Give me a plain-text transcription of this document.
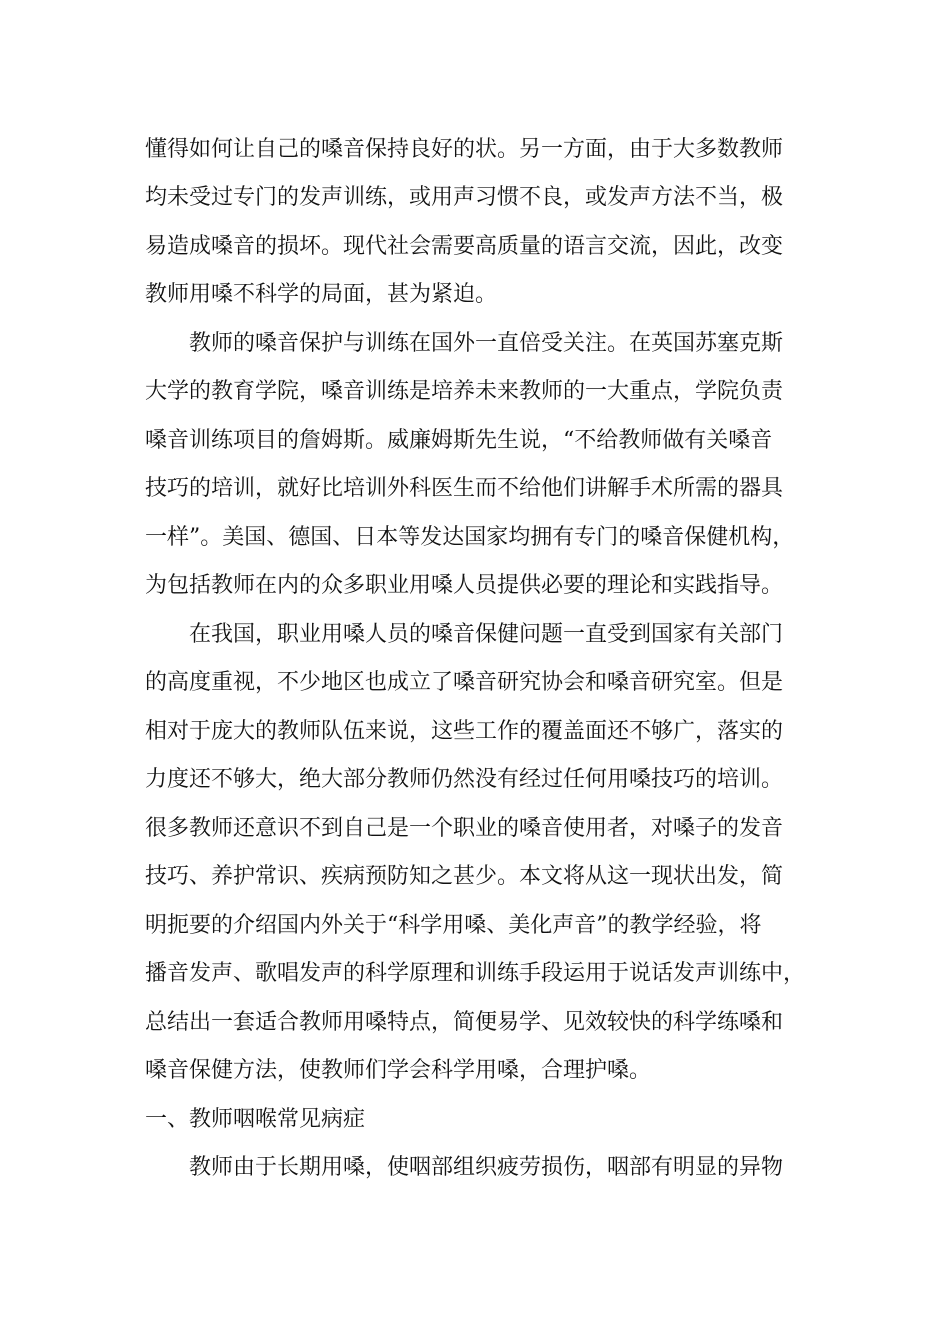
懂得如何让自己的嗓音保持良好的状。另一方面，由于大多数教师
均未受过专门的发声训练，或用声习惯不良，或发声方法不当，极
易造成嗓音的损坏。现代社会需要高质量的语言交流，因此，改变
教师用嗓不科学的局面，甚为紧迫。
教师的嗓音保护与训练在国外一直倍受关注。在英国苏塞克斯
大学的教育学院，嗓音训练是培养未来教师的一大重点，学院负责
嗓音训练项目的詹姆斯。威廉姆斯先生说，“不给教师做有关嗓音
技巧的培训，就好比培训外科医生而不给他们讲解手术所需的器具
一样”。美国、德国、日本等发达国家均拥有专门的嗓音保健机构，
为包括教师在内的众多职业用嗓人员提供必要的理论和实践指导。
在我国，职业用嗓人员的嗓音保健问题一直受到国家有关部门
的高度重视，不少地区也成立了嗓音研究协会和嗓音研究室。但是
相对于庞大的教师队伍来说，这些工作的覆盖面还不够广，落实的
力度还不够大，绝大部分教师仍然没有经过任何用嗓技巧的培训。
很多教师还意识不到自己是一个职业的嗓音使用者，对嗓子的发音
技巧、养护常识、疾病预防知之甚少。本文将从这一现状出发，简
明扼要的介绍国内外关于“科学用嗓、美化声音”的教学经验，将
播音发声、歌唱发声的科学原理和训练手段运用于说话发声训练中，
总结出一套适合教师用嗓特点，简便易学、见效较快的科学练嗓和
嗓音保健方法，使教师们学会科学用嗓，合理护嗓。
一、教师咽喉常见病症
教师由于长期用嗓，使咽部组织疲劳损伤，咽部有明显的异物
